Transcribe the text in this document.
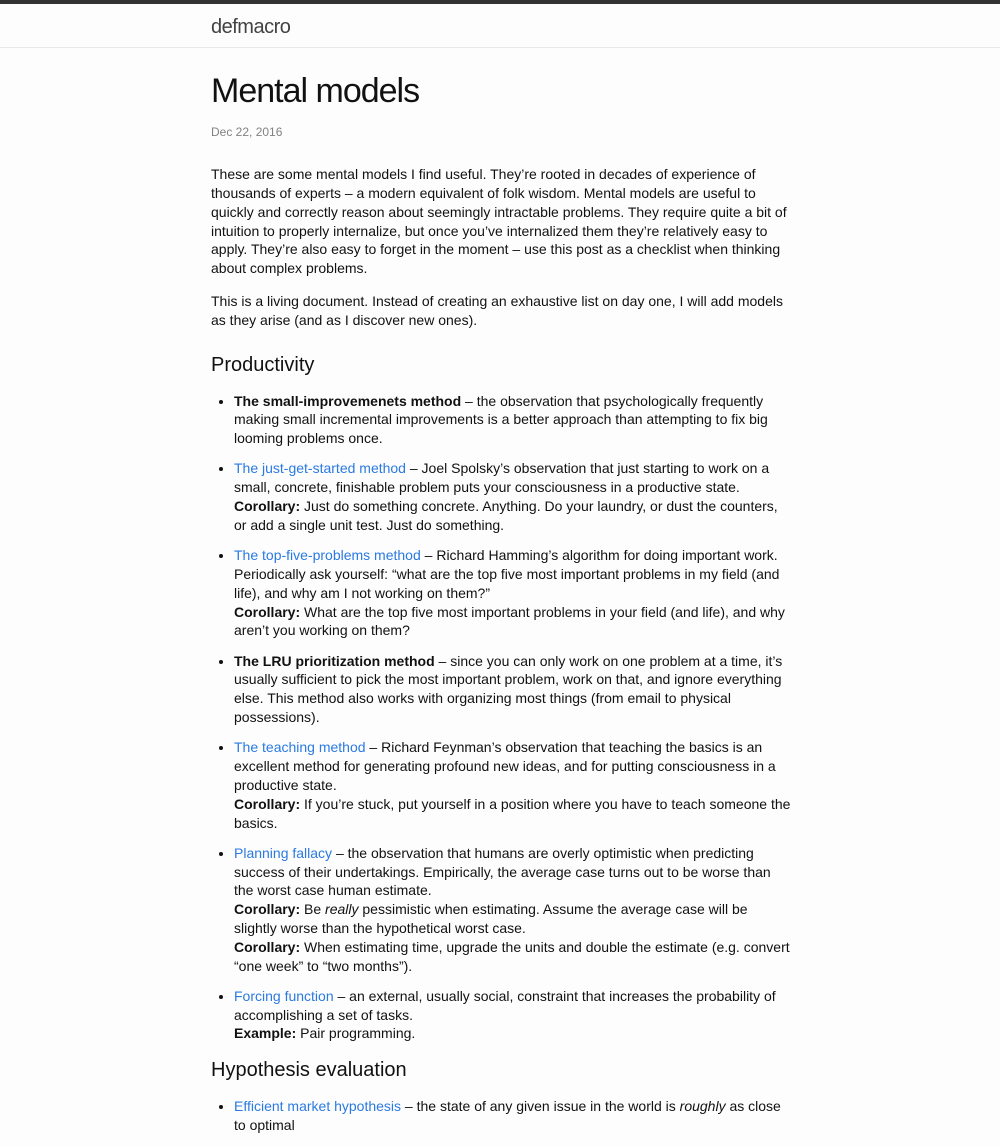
defmacro
Mental models

Dec 22, 2016

These are some mental models I find useful. They’re rooted in decades of experience of thousands of experts – a modern equivalent of folk wisdom. Mental models are useful to quickly and correctly reason about seemingly intractable problems. They require quite a bit of intuition to properly internalize, but once you’ve internalized them they’re relatively easy to apply. They’re also easy to forget in the moment – use this post as a checklist when thinking about complex problems.

This is a living document. Instead of creating an exhaustive list on day one, I will add models as they arise (and as I discover new ones).

Productivity
• The small-improvemenets method – the observation that psychologically frequently making small incremental improvements is a better approach than attempting to fix big looming problems once.
• The just-get-started method – Joel Spolsky’s observation that just starting to work on a small, concrete, finishable problem puts your consciousness in a productive state.
Corollary: Just do something concrete. Anything. Do your laundry, or dust the counters, or add a single unit test. Just do something.
• The top-five-problems method – Richard Hamming’s algorithm for doing important work. Periodically ask yourself: “what are the top five most important problems in my field (and life), and why am I not working on them?”
Corollary: What are the top five most important problems in your field (and life), and why aren’t you working on them?
• The LRU prioritization method – since you can only work on one problem at a time, it’s usually sufficient to pick the most important problem, work on that, and ignore everything else. This method also works with organizing most things (from email to physical possessions).
• The teaching method – Richard Feynman’s observation that teaching the basics is an excellent method for generating profound new ideas, and for putting consciousness in a productive state.
Corollary: If you’re stuck, put yourself in a position where you have to teach someone the basics.
• Planning fallacy – the observation that humans are overly optimistic when predicting success of their undertakings. Empirically, the average case turns out to be worse than the worst case human estimate.
Corollary: Be really pessimistic when estimating. Assume the average case will be slightly worse than the hypothetical worst case.
Corollary: When estimating time, upgrade the units and double the estimate (e.g. convert “one week” to “two months”).
• Forcing function – an external, usually social, constraint that increases the probability of accomplishing a set of tasks.
Example: Pair programming.
Hypothesis evaluation
• Efficient market hypothesis – the state of any given issue in the world is roughly as close to optimal
